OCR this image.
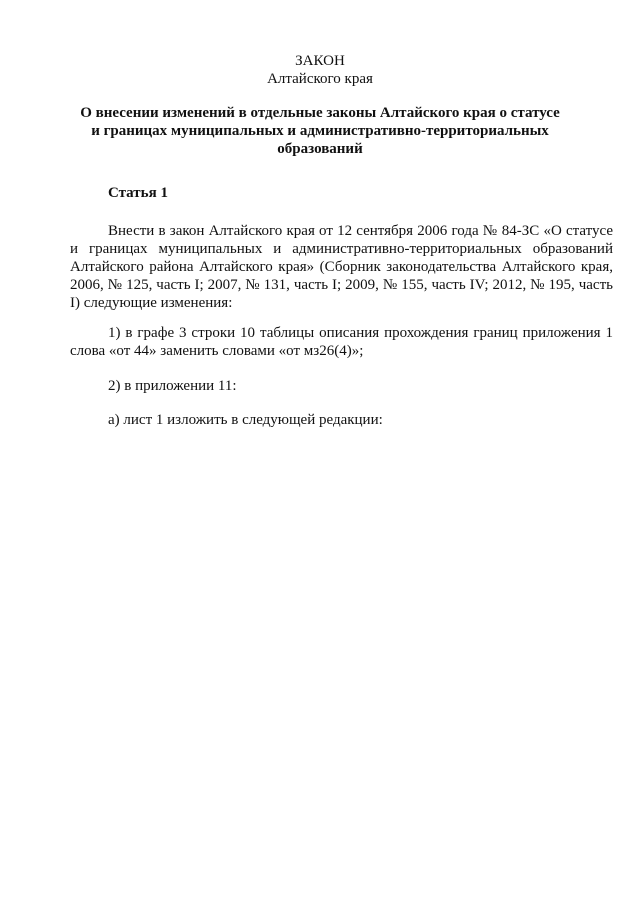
ЗАКОН

Алтайского края

О внесении изменений в отдельные законы Алтайского края о статусе и границах муниципальных и административно-территориальных образований

Статья 1

Внести в закон Алтайского края от 12 сентября 2006 года № 84-ЗС «О статусе и границах муниципальных и административно-территориальных образований Алтайского района Алтайского края» (Сборник законодательства Алтайского края, 2006, № 125, часть I; 2007, № 131, часть I; 2009, № 155, часть IV; 2012, № 195, часть I) следующие изменения:

1) в графе 3 строки 10 таблицы описания прохождения границ приложения 1 слова «от 44» заменить словами «от мз26(4)»;

2) в приложении 11:

а) лист 1 изложить в следующей редакции:
